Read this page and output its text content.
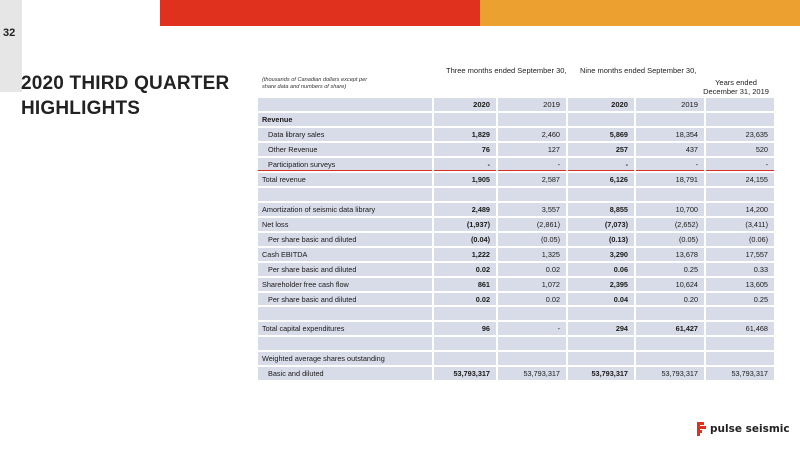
32
2020 THIRD QUARTER HIGHLIGHTS
Three months ended September 30, Nine months ended September 30,
(thousands of Canadian dollars except per share data and numbers of share)	Years ended December 31, 2019
	2020	2019	2020	2019	
Revenue					
Data library sales	1,829	2,460	5,869	18,354	23,635
Other Revenue	76	127	257	437	520
Participation surveys	-	-	-	-	-
Total revenue	1,905	2,587	6,126	18,791	24,155

Amortization of seismic data library	2,489	3,557	8,855	10,700	14,200
Net loss	(1,937)	(2,861)	(7,073)	(2,652)	(3,411)
Per share basic and diluted	(0.04)	(0.05)	(0.13)	(0.05)	(0.06)
Cash EBITDA	1,222	1,325	3,290	13,678	17,557
Per share basic and diluted	0.02	0.02	0.06	0.25	0.33
Shareholder free cash flow	861	1,072	2,395	10,624	13,605
Per share basic and diluted	0.02	0.02	0.04	0.20	0.25

Total capital expenditures	96	-	294	61,427	61,468

Weighted average shares outstanding					
Basic and diluted	53,793,317	53,793,317	53,793,317	53,793,317	53,793,317
pulse seismic
